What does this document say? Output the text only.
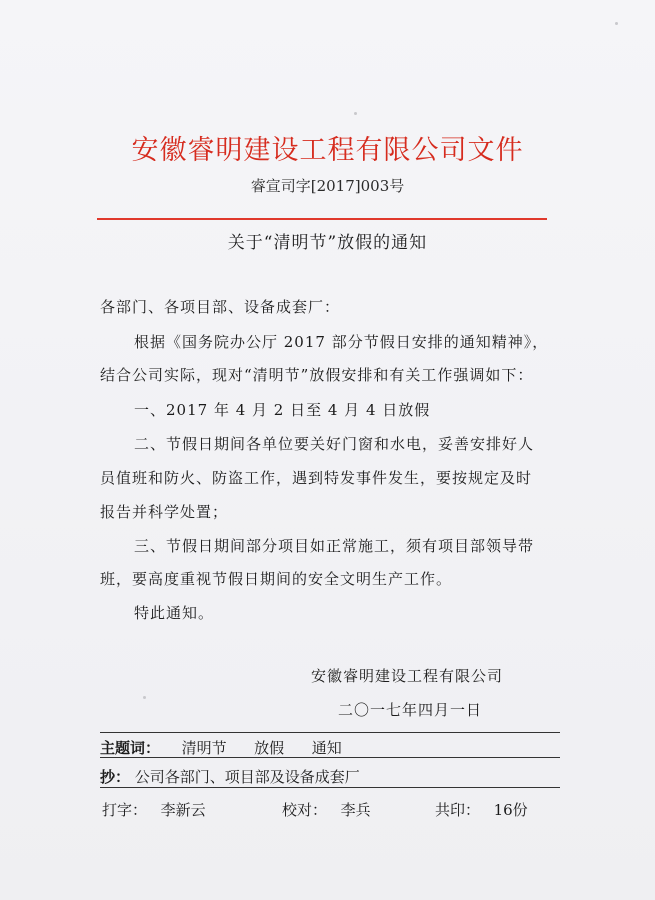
安徽睿明建设工程有限公司文件
睿宣司字[2017]003号
关于“清明节”放假的通知
各部门、各项目部、设备成套厂：
根据《国务院办公厅 2017 部分节假日安排的通知精神》，
结合公司实际，现对“清明节”放假安排和有关工作强调如下：
一、2017 年 4 月 2 日至 4 月 4 日放假
二、节假日期间各单位要关好门窗和水电，妥善安排好人
员值班和防火、防盗工作，遇到特发事件发生，要按规定及时
报告并科学处置；
三、节假日期间部分项目如正常施工，须有项目部领导带
班，要高度重视节假日期间的安全文明生产工作。
特此通知。
安徽睿明建设工程有限公司
二〇一七年四月一日
主题词： 清明节 放假 通知
抄： 公司各部门、项目部及设备成套厂
打字： 李新云	校对： 李兵	共印： 16份
